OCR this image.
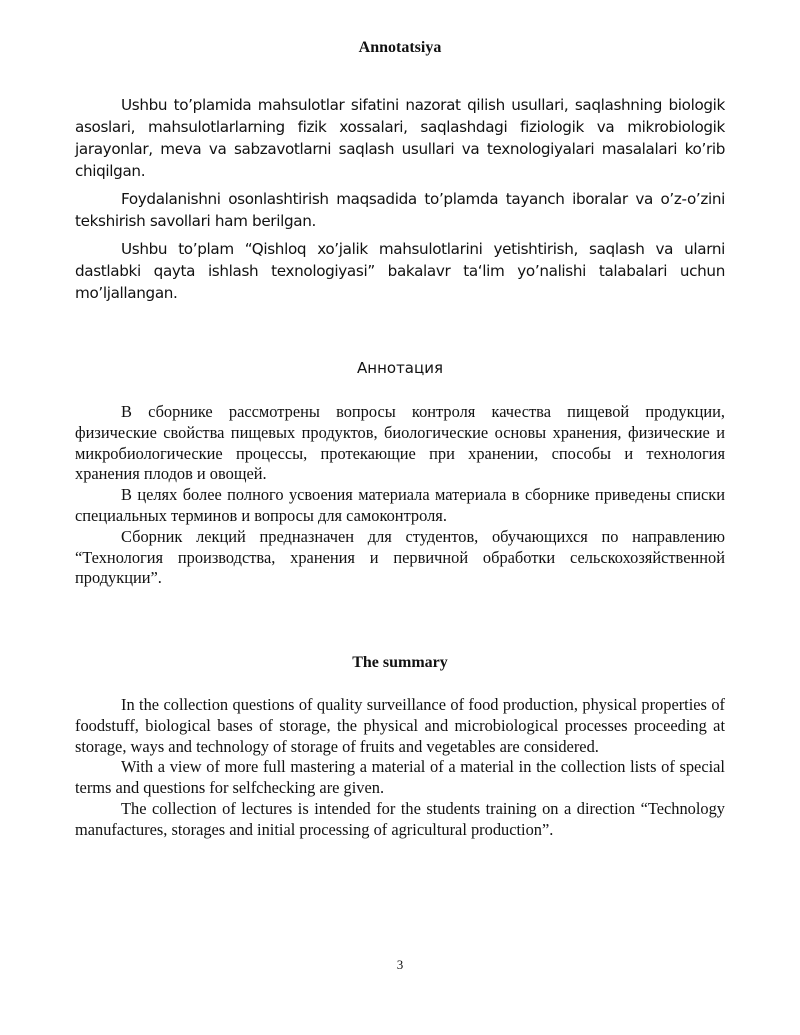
Annotatsiya

Ushbu to’plamida mahsulotlar sifatini nazorat qilish usullari, saqlashning biologik asoslari, mahsulotlarlarning fizik xossalari, saqlashdagi fiziologik va mikrobiologik jarayonlar, meva va sabzavotlarni saqlash usullari va texnologiyalari masalalari ko’rib chiqilgan.

Foydalanishni osonlashtirish maqsadida to’plamda tayanch iboralar va o’z-o’zini tekshirish savollari ham berilgan.

Ushbu to’plam “Qishloq xo’jalik mahsulotlarini yetishtirish, saqlash va ularni dastlabki qayta ishlash texnologiyasi” bakalavr ta‘lim yo’nalishi talabalari uchun mo’ljallangan.

Аннотация

В сборнике рассмотрены вопросы контроля качества пищевой продукции, физические свойства пищевых продуктов, биологические основы хранения, физические и микробиологические процессы, протекающие при хранении, способы и технология хранения плодов и овощей.

В целях более полного усвоения материала материала в сборнике приведены списки специальных терминов и вопросы для самоконтроля.

Сборник лекций предназначен для студентов, обучающихся по направлению “Технология производства, хранения и первичной обработки сельскохозяйственной продукции”.

The summary

In the collection questions of quality surveillance of food production, physical properties of foodstuff, biological bases of storage, the physical and microbiological processes proceeding at storage, ways and technology of storage of fruits and vegetables are considered.

With a view of more full mastering a material of a material in the collection lists of special terms and questions for selfchecking are given.

The collection of lectures is intended for the students training on a direction “Technology manufactures, storages and initial processing of agricultural production”.

3
